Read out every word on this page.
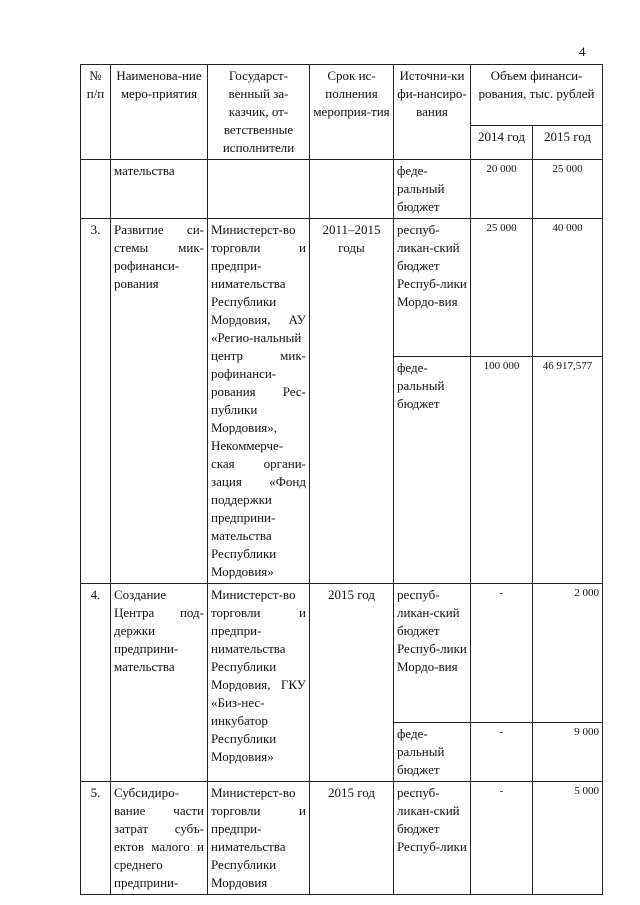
4
№ п/п	Наименова-ние меро-приятия	Государст-венный за-казчик, от-ветственные исполнители	Срок ис-полнения мероприя-тия	Источни-ки фи-нансиро-вания	Объем финанси-рования, тыс. рублей	
					2014 год	2015 год
	мательства			феде-ральный бюджет	20 000	25 000
3.	Развитие си-стемы мик-рофинанси-рования	Министерст-во торговли и предпри-нимательства Республики Мордовия, АУ «Регио-нальный центр мик-рофинанси-рования Рес-публики Мордовия», Некоммерче-ская органи-зация «Фонд поддержки предприни-мательства Республики Мордовия»	2011–2015 годы	респуб-ликан-ский бюджет Респуб-лики Мордо-вия	25 000	40 000
				феде-ральный бюджет	100 000	46 917,577
4.	Создание Центра под-держки предприни-мательства	Министерст-во торговли и предпри-нимательства Республики Мордовия, ГКУ «Биз-нес-инкубатор Республики Мордовия»	2015 год	респуб-ликан-ский бюджет Респуб-лики Мордо-вия	-	2 000
				феде-ральный бюджет	-	9 000
5.	Субсидиро-вание части затрат субъ-ектов малого и среднего предприни-	Министерст-во торговли и предпри-нимательства Республики Мордовия	2015 год	респуб-ликан-ский бюджет Респуб-лики	-	5 000
